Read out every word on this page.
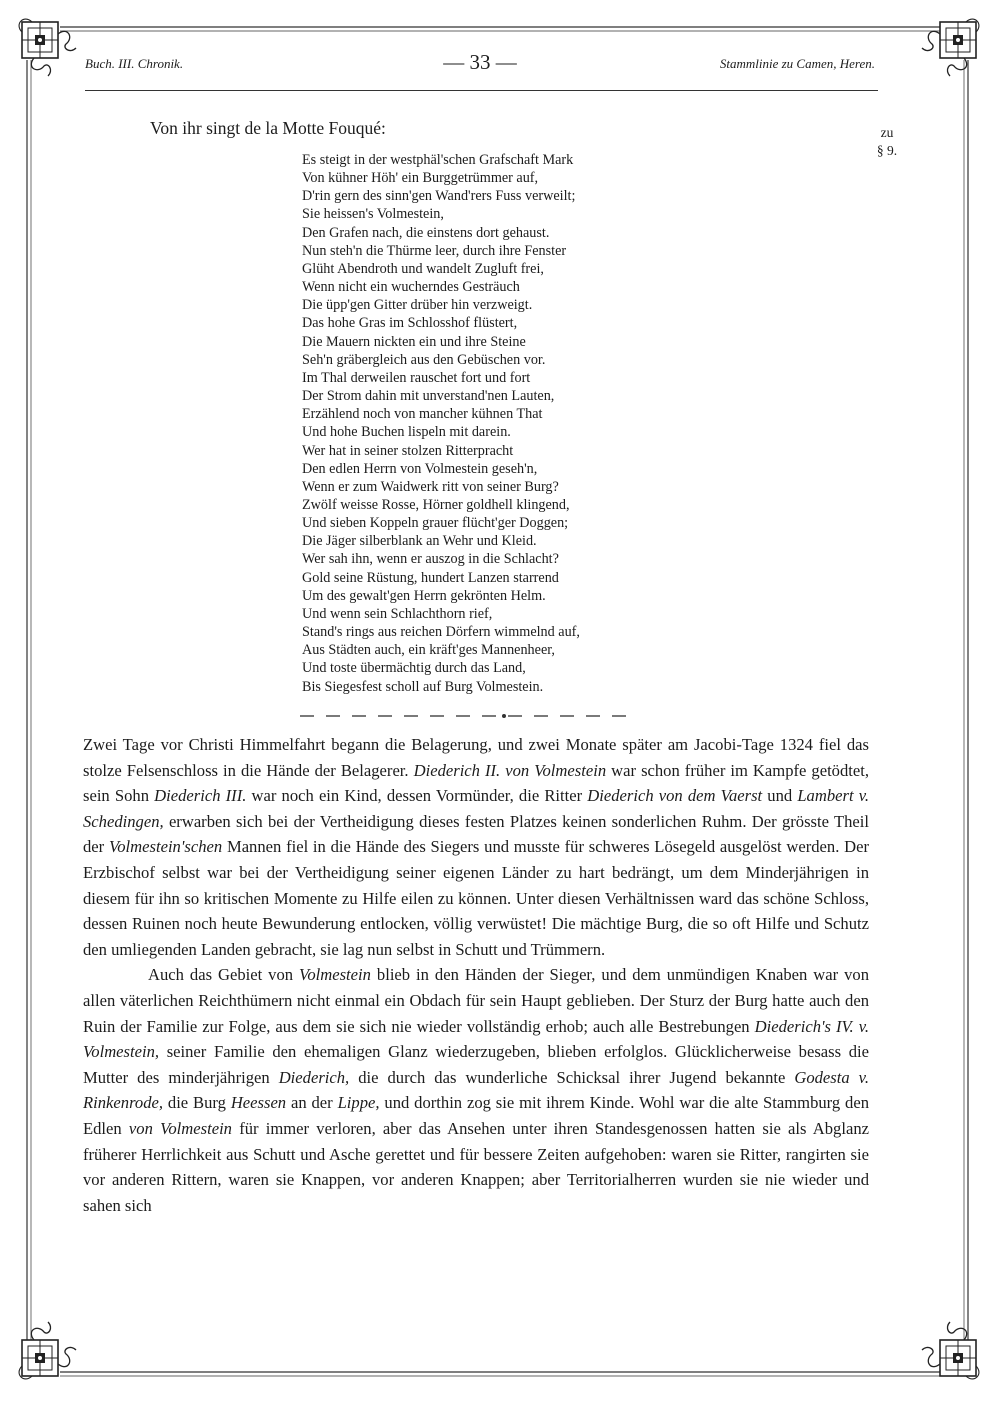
Buch. III. Chronik.	— 33 —	Stammlinie zu Camen, Heren.
Von ihr singt de la Motte Fouqué:	zu
§ 9.
Es steigt in der westphäl'schen Grafschaft Mark
Von kühner Höh' ein Burggetrümmer auf,
D'rin gern des sinn'gen Wand'rers Fuss verweilt;
Sie heissen's Volmestein,
Den Grafen nach, die einstens dort gehaust.
Nun steh'n die Thürme leer, durch ihre Fenster
Glüht Abendroth und wandelt Zugluft frei,
Wenn nicht ein wucherndes Gesträuch
Die üpp'gen Gitter drüber hin verzweigt.
Das hohe Gras im Schlosshof flüstert,
Die Mauern nickten ein und ihre Steine
Seh'n gräbergleich aus den Gebüschen vor.
Im Thal derweilen rauschet fort und fort
Der Strom dahin mit unverstand'nen Lauten,
Erzählend noch von mancher kühnen That
Und hohe Buchen lispeln mit darein.
Wer hat in seiner stolzen Ritterpracht
Den edlen Herrn von Volmestein geseh'n,
Wenn er zum Waidwerk ritt von seiner Burg?
Zwölf weisse Rosse, Hörner goldhell klingend,
Und sieben Koppeln grauer flücht'ger Doggen;
Die Jäger silberblank an Wehr und Kleid.
Wer sah ihn, wenn er auszog in die Schlacht?
Gold seine Rüstung, hundert Lanzen starrend
Um des gewalt'gen Herrn gekrönten Helm.
Und wenn sein Schlachthorn rief,
Stand's rings aus reichen Dörfern wimmelnd auf,
Aus Städten auch, ein kräft'ges Mannenheer,
Und toste übermächtig durch das Land,
Bis Siegesfest scholl auf Burg Volmestein.

Zwei Tage vor Christi Himmelfahrt begann die Belagerung, und zwei Monate später am Jacobi-Tage 1324 fiel das stolze Felsenschloss in die Hände der Belagerer. Diederich II. von Volmestein war schon früher im Kampfe getödtet, sein Sohn Diederich III. war noch ein Kind, dessen Vormünder, die Ritter Diederich von dem Vaerst und Lambert v. Schedingen, erwarben sich bei der Vertheidigung dieses festen Platzes keinen sonderlichen Ruhm. Der grösste Theil der Volmestein'schen Mannen fiel in die Hände des Siegers und musste für schweres Lösegeld ausgelöst werden. Der Erzbischof selbst war bei der Vertheidigung seiner eigenen Länder zu hart bedrängt, um dem Minderjährigen in diesem für ihn so kritischen Momente zu Hilfe eilen zu können. Unter diesen Verhältnissen ward das schöne Schloss, dessen Ruinen noch heute Bewunderung entlocken, völlig verwüstet! Die mächtige Burg, die so oft Hilfe und Schutz den umliegenden Landen gebracht, sie lag nun selbst in Schutt und Trümmern.

Auch das Gebiet von Volmestein blieb in den Händen der Sieger, und dem unmündigen Knaben war von allen väterlichen Reichthümern nicht einmal ein Obdach für sein Haupt geblieben. Der Sturz der Burg hatte auch den Ruin der Familie zur Folge, aus dem sie sich nie wieder vollständig erhob; auch alle Bestrebungen Diederich's IV. v. Volmestein, seiner Familie den ehemaligen Glanz wiederzugeben, blieben erfolglos. Glücklicherweise besass die Mutter des minderjährigen Diederich, die durch das wunderliche Schicksal ihrer Jugend bekannte Godesta v. Rinkenrode, die Burg Heessen an der Lippe, und dorthin zog sie mit ihrem Kinde. Wohl war die alte Stammburg den Edlen von Volmestein für immer verloren, aber das Ansehen unter ihren Standesgenossen hatten sie als Abglanz früherer Herrlichkeit aus Schutt und Asche gerettet und für bessere Zeiten aufgehoben: waren sie Ritter, rangirten sie vor anderen Rittern, waren sie Knappen, vor anderen Knappen; aber Territorialherren wurden sie nie wieder und sahen sich
